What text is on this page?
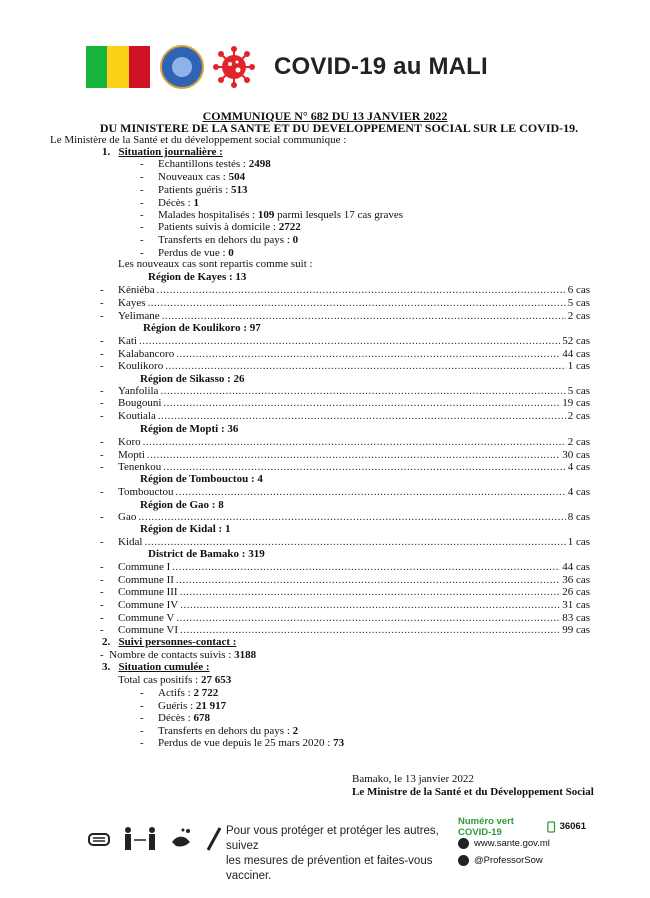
COVID-19 au MALI
COMMUNIQUE N° 682 DU 13 JANVIER 2022
DU MINISTERE DE LA SANTE ET DU DEVELOPPEMENT SOCIAL SUR LE COVID-19.
Le Ministère de la Santé et du développement social communique :
1. Situation journalière :
- Echantillons testés : 2498
- Nouveaux cas : 504
- Patients guéris : 513
- Décès : 1
- Malades hospitalisés : 109 parmi lesquels 17 cas graves
- Patients suivis à domicile : 2722
- Transferts en dehors du pays : 0
- Perdus de vue : 0
Les nouveaux cas sont repartis comme suit :
Région de Kayes : 13
-	Kéniéba .....	6 cas
-	Kayes .....	5 cas
-	Yelimane .....	2 cas
Région de Koulikoro : 97
-	Kati .....	52 cas
-	Kalabancoro .....	44 cas
-	Koulikoro .....	1 cas
Région de Sikasso : 26
-	Yanfolila .....	5 cas
-	Bougouni .....	19 cas
-	Koutiala .....	2 cas
Région de Mopti : 36
-	Koro .....	2 cas
-	Mopti .....	30 cas
-	Tenenkou .....	4 cas
Région de Tombouctou : 4
-	Tombouctou .....	4 cas
Région de Gao : 8
-	Gao .....	8 cas
Région de Kidal : 1
-	Kidal .....	1 cas
District de Bamako : 319
-	Commune I .....	44 cas
-	Commune II .....	36 cas
-	Commune III .....	26 cas
-	Commune IV .....	31 cas
-	Commune V .....	83 cas
-	Commune VI .....	99 cas
2. Suivi personnes-contact :
-  Nombre de contacts suivis : 3188
3. Situation cumulée :
Total cas positifs : 27 653
- Actifs : 2 722
- Guéris : 21 917
- Décès : 678
- Transferts en dehors du pays : 2
- Perdus de vue depuis le 25 mars 2020 : 73
Bamako, le 13 janvier 2022
Le Ministre de la Santé et du Développement Social
Pour vous protéger et protéger les autres, suivez
les mesures de prévention et faites-vous vacciner.
Numéro vert COVID-19	36061
www.sante.gov.ml
@ProfessorSow
